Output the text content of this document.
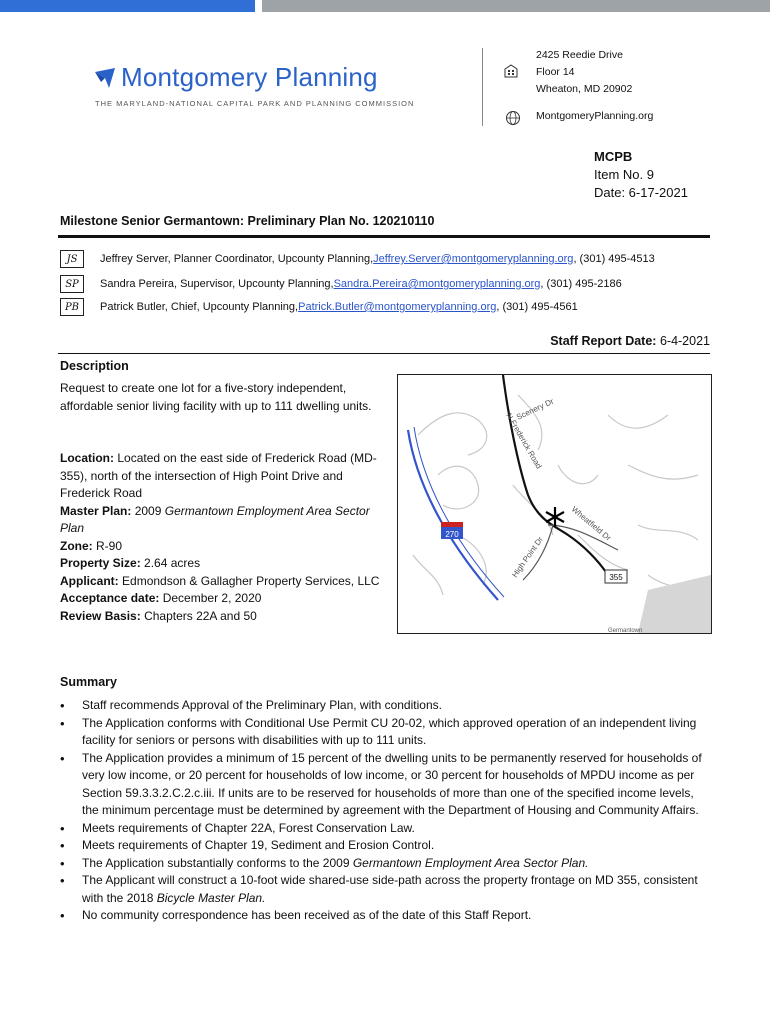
Montgomery Planning
THE MARYLAND-NATIONAL CAPITAL PARK AND PLANNING COMMISSION
2425 Reedie Drive
Floor 14
Wheaton, MD 20902
MontgomeryPlanning.org
MCPB
Item No. 9
Date: 6-17-2021
Milestone Senior Germantown: Preliminary Plan No. 120210110
JS	Jeffrey Server, Planner Coordinator, Upcounty Planning, Jeffrey.Server@montgomeryplanning.org , (301) 495-4513
SP	Sandra Pereira, Supervisor, Upcounty Planning, Sandra.Pereira@montgomeryplanning.org , (301) 495-2186
PB	Patrick Butler, Chief, Upcounty Planning, Patrick.Butler@montgomeryplanning.org , (301) 495-4561
Staff Report Date: 6-4-2021
Description
Request to create one lot for a five-story independent, affordable senior living facility with up to 111 dwelling units.
Location: Located on the east side of Frederick Road (MD-355), north of the intersection of High Point Drive and Frederick Road
Master Plan: 2009 Germantown Employment Area Sector Plan
Zone: R-90
Property Size: 2.64 acres
Applicant: Edmondson & Gallagher Property Services, LLC
Acceptance date: December 2, 2020
Review Basis: Chapters 22A and 50
Scenery Dr
N Frederick Road
Wheatfield Dr
High Point Dr
270
355
Germantown
Summary
• Staff recommends Approval of the Preliminary Plan, with conditions.
• The Application conforms with Conditional Use Permit CU 20-02, which approved operation of an independent living facility for seniors or persons with disabilities with up to 111 units.
• The Application provides a minimum of 15 percent of the dwelling units to be permanently reserved for households of very low income, or 20 percent for households of low income, or 30 percent for households of MPDU income as per Section 59.3.3.2.C.2.c.iii. If units are to be reserved for households of more than one of the specified income levels, the minimum percentage must be determined by agreement with the Department of Housing and Community Affairs.
• Meets requirements of Chapter 22A, Forest Conservation Law.
• Meets requirements of Chapter 19, Sediment and Erosion Control.
• The Application substantially conforms to the 2009 Germantown Employment Area Sector Plan.
• The Applicant will construct a 10-foot wide shared-use side-path across the property frontage on MD 355, consistent with the 2018 Bicycle Master Plan.
• No community correspondence has been received as of the date of this Staff Report.
